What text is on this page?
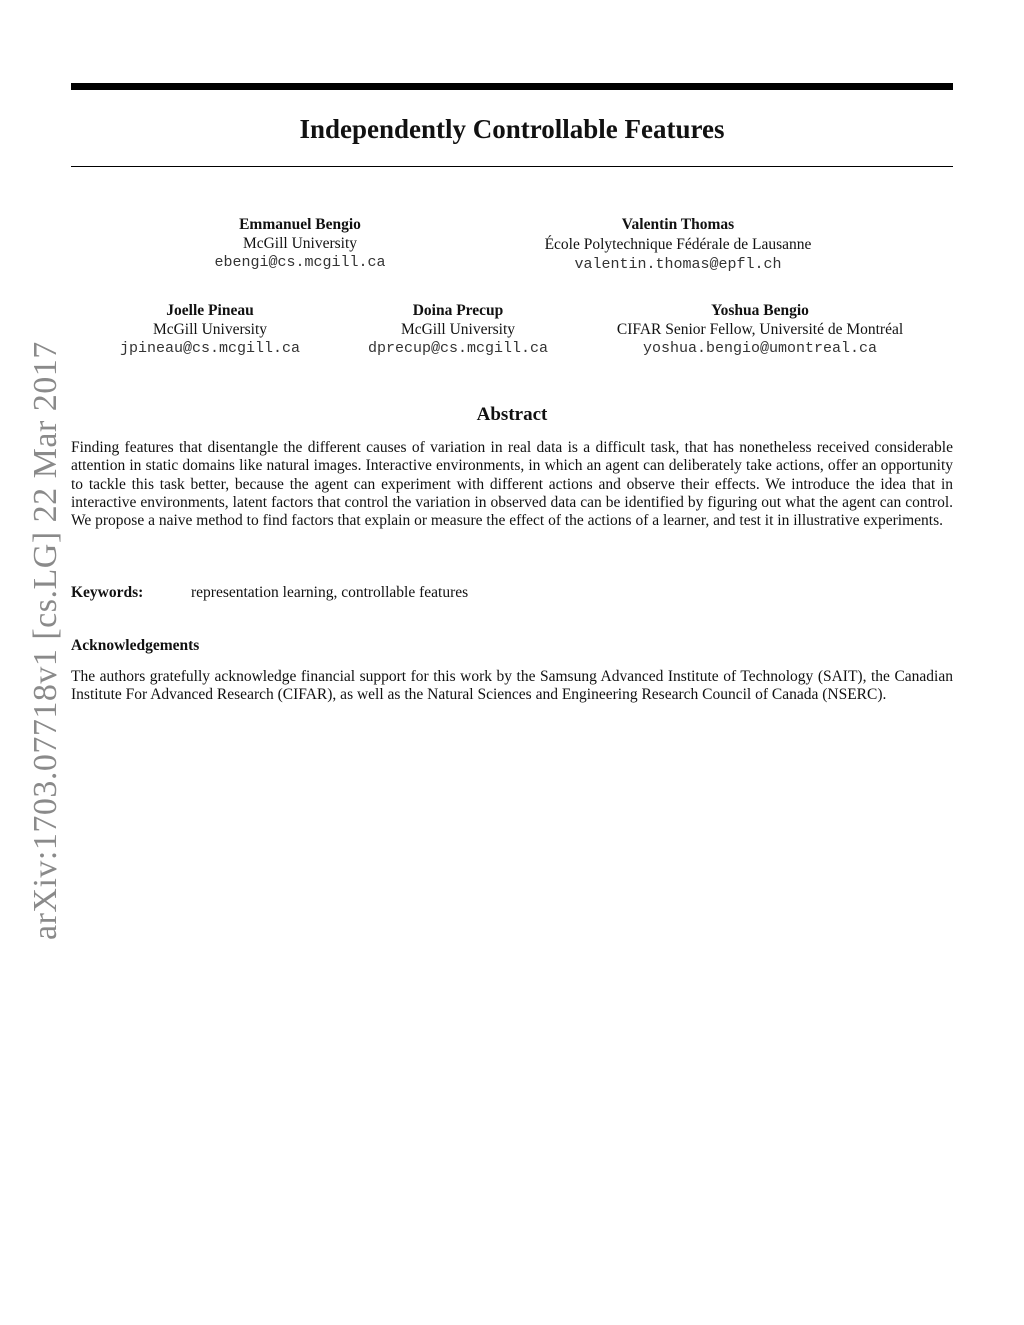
Independently Controllable Features
arXiv:1703.07718v1 [cs.LG] 22 Mar 2017
Emmanuel Bengio
McGill University
ebengi@cs.mcgill.ca
Valentin Thomas
École Polytechnique Fédérale de Lausanne
valentin.thomas@epfl.ch
Joelle Pineau
McGill University
jpineau@cs.mcgill.ca
Doina Precup
McGill University
dprecup@cs.mcgill.ca
Yoshua Bengio
CIFAR Senior Fellow, Université de Montréal
yoshua.bengio@umontreal.ca
Abstract

Finding features that disentangle the different causes of variation in real data is a difficult task, that has nonetheless received considerable attention in static domains like natural images. Interactive environments, in which an agent can deliberately take actions, offer an opportunity to tackle this task better, because the agent can experiment with different actions and observe their effects. We introduce the idea that in interactive environments, latent factors that control the variation in observed data can be identified by figuring out what the agent can control. We propose a naive method to find factors that explain or measure the effect of the actions of a learner, and test it in illustrative experiments.

Keywords:	representation learning, controllable features
Acknowledgements

The authors gratefully acknowledge financial support for this work by the Samsung Advanced Institute of Technology (SAIT), the Canadian Institute For Advanced Research (CIFAR), as well as the Natural Sciences and Engineering Research Council of Canada (NSERC).
